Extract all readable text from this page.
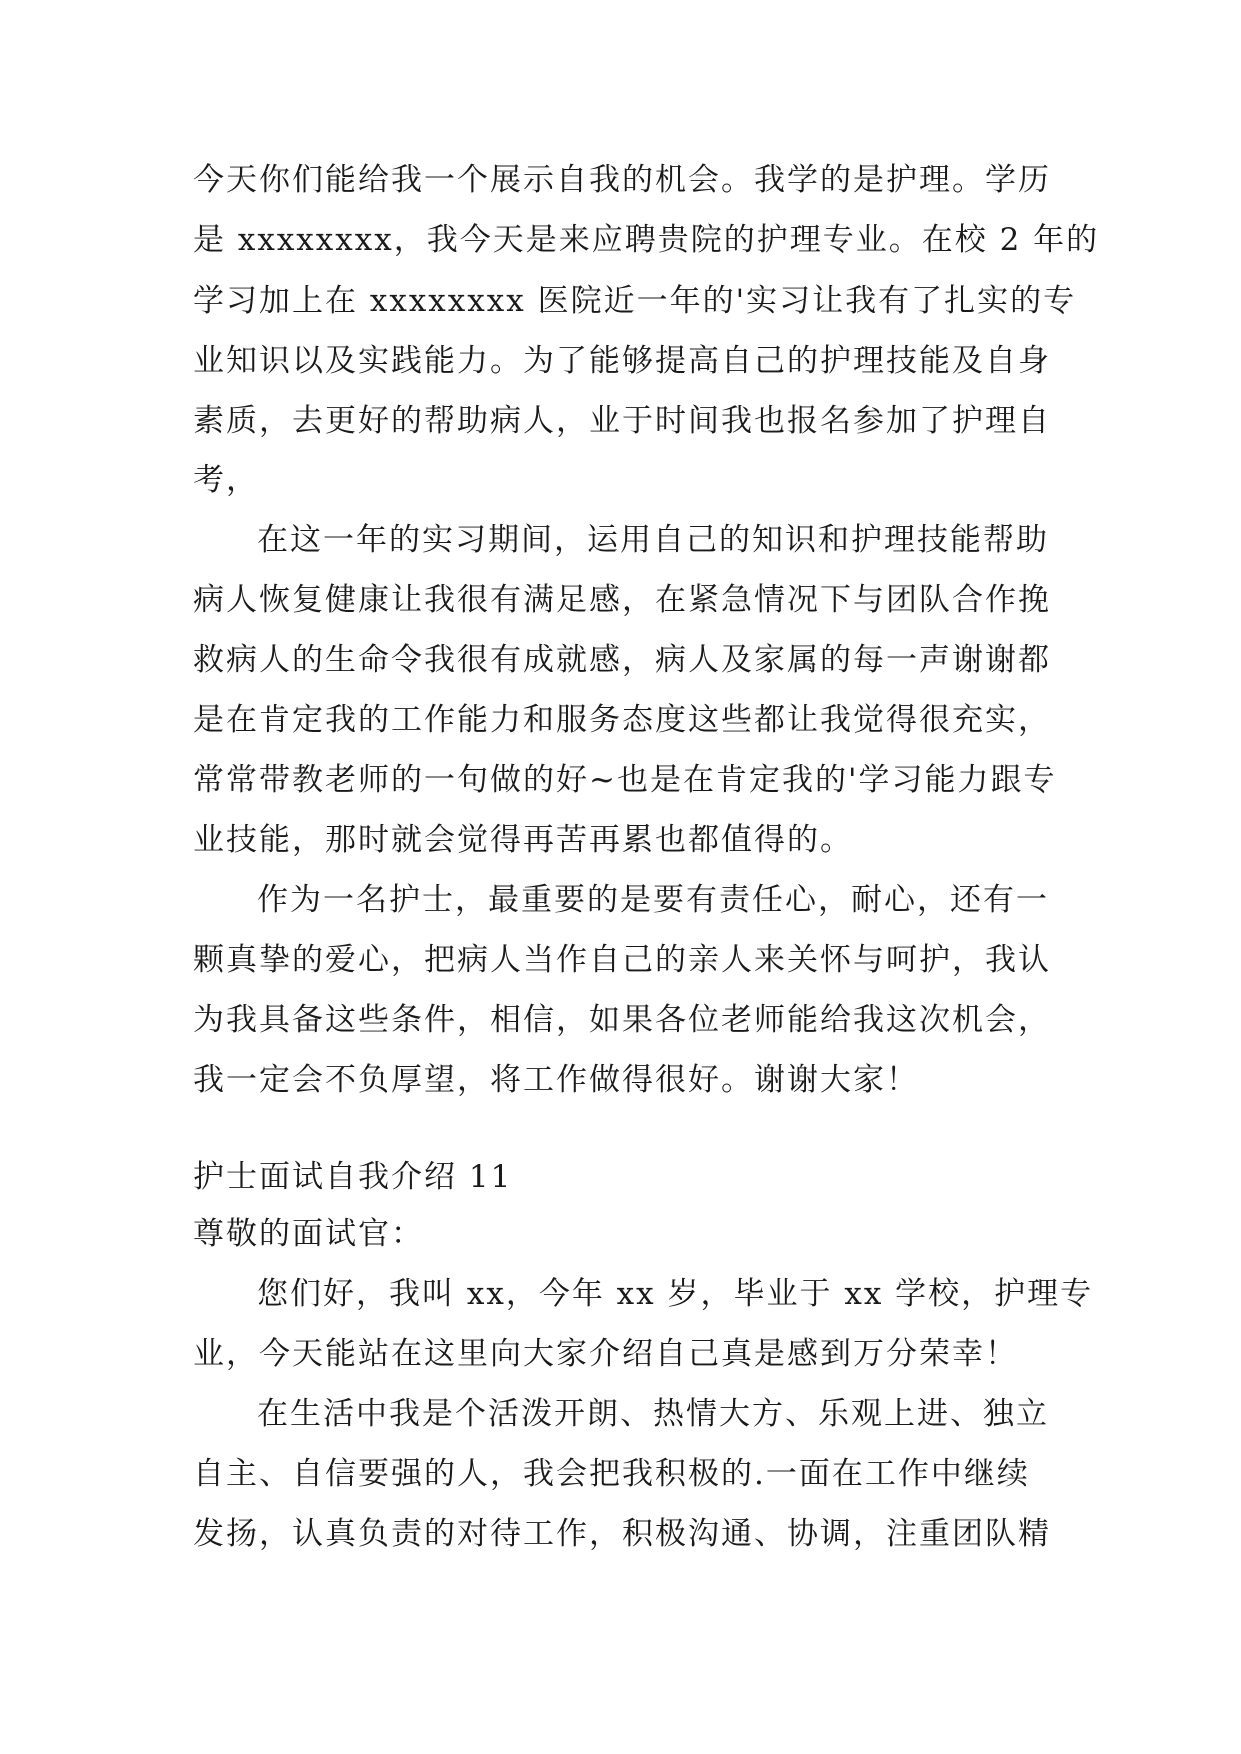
今天你们能给我一个展示自我的机会。我学的是护理。学历

是 xxxxxxxx，我今天是来应聘贵院的护理专业。在校 2 年的

学习加上在 xxxxxxxx 医院近一年的'实习让我有了扎实的专

业知识以及实践能力。为了能够提高自己的护理技能及自身

素质，去更好的帮助病人，业于时间我也报名参加了护理自

考，

在这一年的实习期间，运用自己的知识和护理技能帮助

病人恢复健康让我很有满足感，在紧急情况下与团队合作挽

救病人的生命令我很有成就感，病人及家属的每一声谢谢都

是在肯定我的工作能力和服务态度这些都让我觉得很充实，

常常带教老师的一句做的好~也是在肯定我的'学习能力跟专

业技能，那时就会觉得再苦再累也都值得的。

作为一名护士，最重要的是要有责任心，耐心，还有一

颗真挚的爱心，把病人当作自己的亲人来关怀与呵护，我认

为我具备这些条件，相信，如果各位老师能给我这次机会，

我一定会不负厚望，将工作做得很好。谢谢大家！

护士面试自我介绍 11

尊敬的面试官：

您们好，我叫 xx，今年 xx 岁，毕业于 xx 学校，护理专

业，今天能站在这里向大家介绍自己真是感到万分荣幸！

在生活中我是个活泼开朗、热情大方、乐观上进、独立

自主、自信要强的人，我会把我积极的.一面在工作中继续

发扬，认真负责的对待工作，积极沟通、协调，注重团队精
